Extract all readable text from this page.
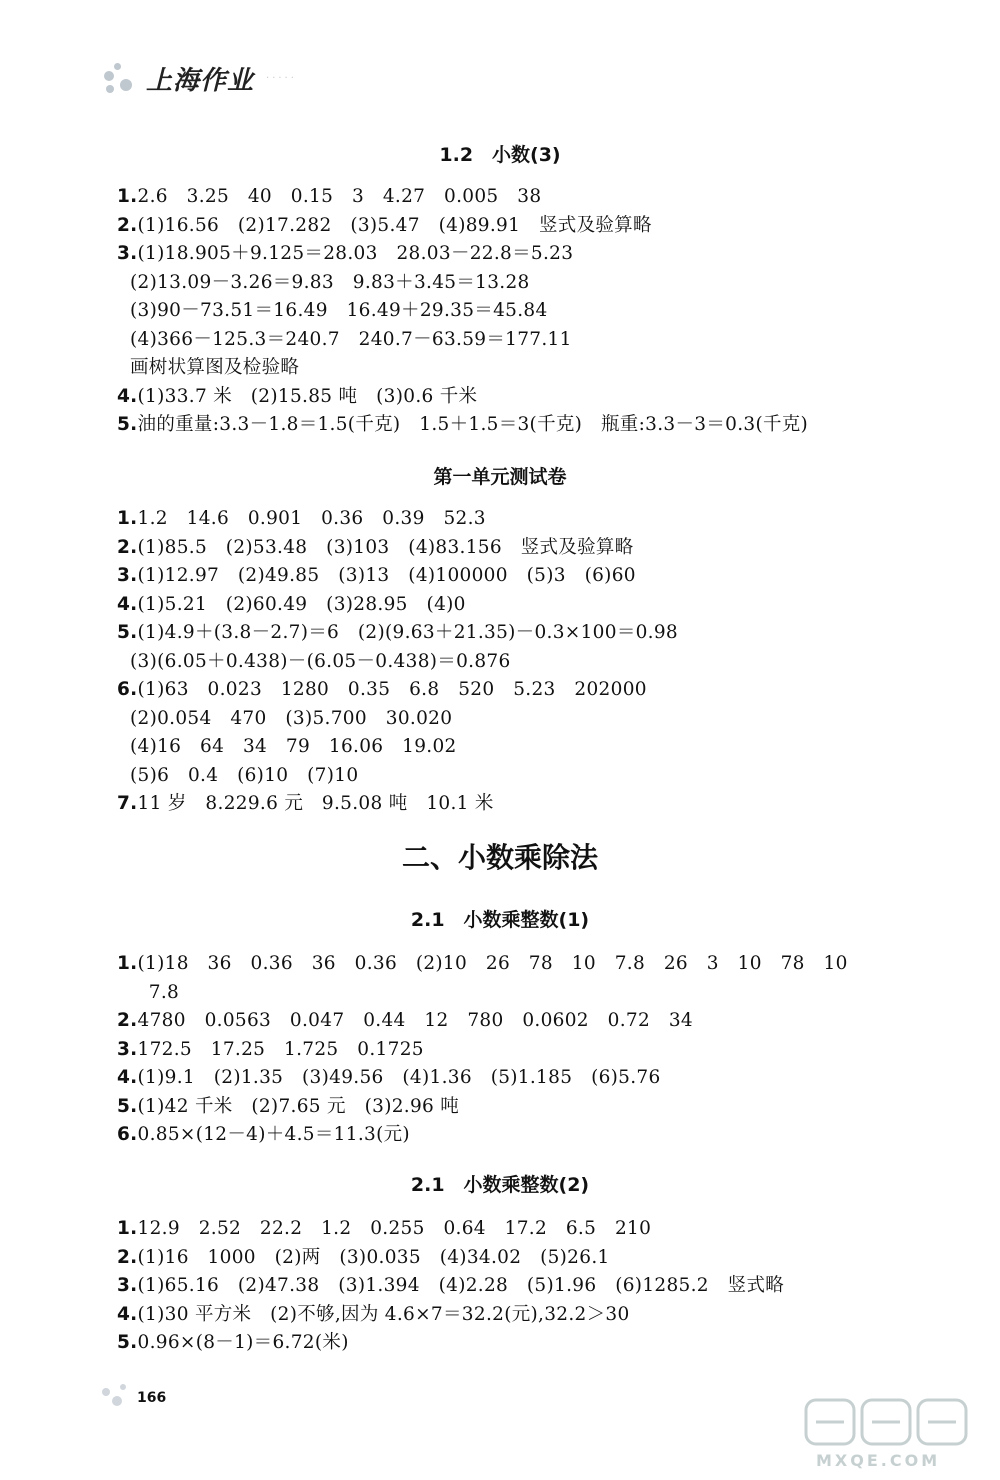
上海作业 ·····
1.2　小数(3)
1.2.6　3.25　40　0.15　3　4.27　0.005　38
2.(1)16.56　(2)17.282　(3)5.47　(4)89.91　竖式及验算略
3.(1)18.905＋9.125＝28.03　28.03－22.8＝5.23
(2)13.09－3.26＝9.83　9.83＋3.45＝13.28
(3)90－73.51＝16.49　16.49＋29.35＝45.84
(4)366－125.3＝240.7　240.7－63.59＝177.11
画树状算图及检验略
4.(1)33.7 米　(2)15.85 吨　(3)0.6 千米
5.油的重量:3.3－1.8＝1.5(千克)　1.5＋1.5＝3(千克)　瓶重:3.3－3＝0.3(千克)
第一单元测试卷
1.1.2　14.6　0.901　0.36　0.39　52.3
2.(1)85.5　(2)53.48　(3)103　(4)83.156　竖式及验算略
3.(1)12.97　(2)49.85　(3)13　(4)100000　(5)3　(6)60
4.(1)5.21　(2)60.49　(3)28.95　(4)0
5.(1)4.9＋(3.8－2.7)＝6　(2)(9.63＋21.35)－0.3×100＝0.98
(3)(6.05＋0.438)－(6.05－0.438)＝0.876
6.(1)63　0.023　1280　0.35　6.8　520　5.23　202000
(2)0.054　470　(3)5.700　30.020
(4)16　64　34　79　16.06　19.02
(5)6　0.4　(6)10　(7)10
7.11 岁　8.229.6 元　9.5.08 吨　10.1 米
二、小数乘除法
2.1　小数乘整数(1)
1.(1)18　36　0.36　36　0.36　(2)10　26　78　10　7.8　26　3　10　78　10
　7.8
2.4780　0.0563　0.047　0.44　12　780　0.0602　0.72　34
3.172.5　17.25　1.725　0.1725
4.(1)9.1　(2)1.35　(3)49.56　(4)1.36　(5)1.185　(6)5.76
5.(1)42 千米　(2)7.65 元　(3)2.96 吨
6.0.85×(12－4)＋4.5＝11.3(元)
2.1　小数乘整数(2)
1.12.9　2.52　22.2　1.2　0.255　0.64　17.2　6.5　210
2.(1)16　1000　(2)两　(3)0.035　(4)34.02　(5)26.1
3.(1)65.16　(2)47.38　(3)1.394　(4)2.28　(5)1.96　(6)1285.2　竖式略
4.(1)30 平方米　(2)不够,因为 4.6×7＝32.2(元),32.2＞30
5.0.96×(8－1)＝6.72(米)
166
MXQE.COM
